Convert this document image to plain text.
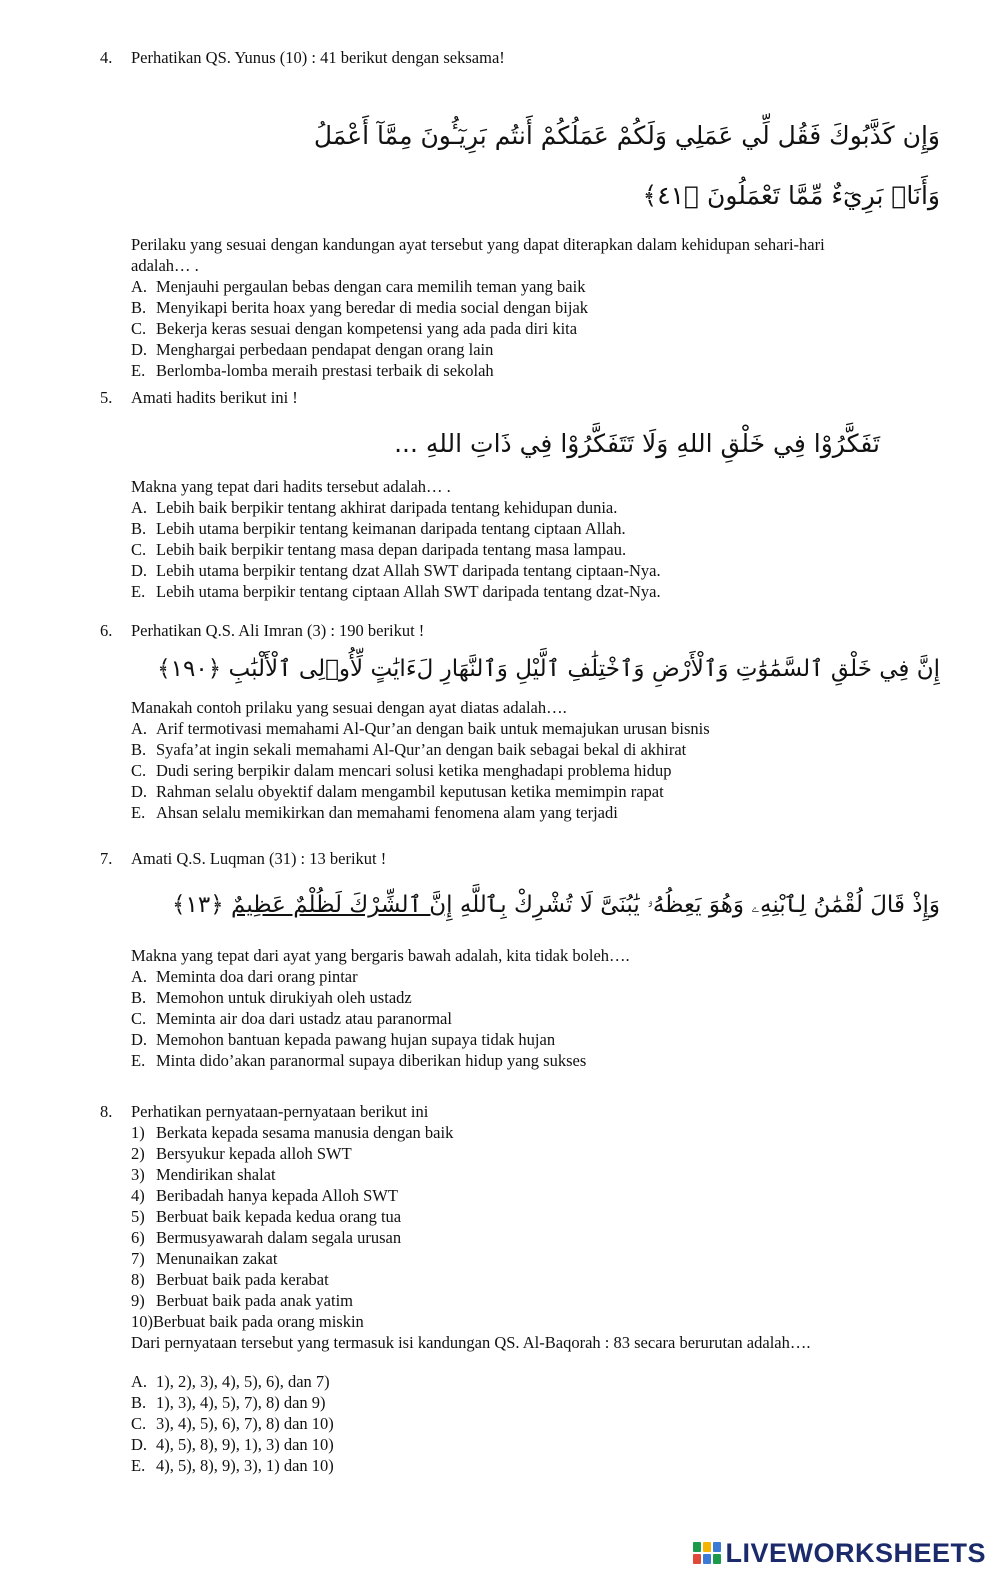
4.	Perhatikan QS. Yunus (10) : 41 berikut dengan seksama!
وَإِن كَذَّبُوكَ فَقُل لِّي عَمَلِي وَلَكُمْ عَمَلُكُمْ أَنتُم بَرِيٓـُٔونَ مِمَّآ أَعْمَلُ
وَأَنَا۠ بَرِيٓءٌ مِّمَّا تَعْمَلُونَ ﴿٤١﴾
Perilaku yang sesuai dengan kandungan ayat tersebut yang dapat diterapkan dalam kehidupan sehari-hari
adalah… .
A. Menjauhi pergaulan bebas dengan cara memilih teman yang baik
B. Menyikapi berita hoax yang beredar di media social dengan bijak
C. Bekerja keras sesuai dengan kompetensi yang ada pada diri kita
D. Menghargai perbedaan pendapat dengan orang lain
E. Berlomba-lomba meraih prestasi terbaik di sekolah
5.	Amati hadits berikut ini !
تَفَكَّرُوْا فِي خَلْقِ اللهِ وَلَا تَتَفَكَّرُوْا فِي ذَاتِ اللهِ ...
Makna yang tepat dari hadits tersebut adalah… .
A. Lebih baik berpikir tentang akhirat daripada tentang kehidupan dunia.
B. Lebih utama berpikir tentang keimanan daripada tentang ciptaan Allah.
C. Lebih baik berpikir tentang masa depan daripada tentang masa lampau.
D. Lebih utama berpikir tentang dzat Allah SWT daripada tentang ciptaan-Nya.
E. Lebih utama berpikir tentang ciptaan Allah SWT daripada tentang dzat-Nya.
6.	Perhatikan Q.S. Ali Imran (3) : 190 berikut !
إِنَّ فِي خَلْقِ ٱلسَّمَٰوَٰتِ وَٱلْأَرْضِ وَٱخْتِلَٰفِ ٱلَّيْلِ وَٱلنَّهَارِ لَءَايَٰتٍ لِّأُو۟لِى ٱلْأَلْبَٰبِ ﴿١٩٠﴾
Manakah contoh prilaku yang sesuai dengan ayat diatas adalah….
A. Arif termotivasi memahami Al-Qur’an dengan baik untuk memajukan urusan bisnis
B. Syafa’at ingin sekali memahami Al-Qur’an dengan baik sebagai bekal di akhirat
C. Dudi sering berpikir dalam mencari solusi ketika menghadapi problema hidup
D. Rahman selalu obyektif dalam mengambil keputusan ketika memimpin rapat
E. Ahsan selalu memikirkan dan memahami fenomena alam yang terjadi
7.	Amati Q.S. Luqman (31) : 13 berikut !
وَإِذْ قَالَ لُقْمَٰنُ لِٱبْنِهِۦ وَهُوَ يَعِظُهُۥ يَٰبُنَىَّ لَا تُشْرِكْ بِٱللَّهِ إِنَّ ٱلشِّرْكَ لَظُلْمٌ عَظِيمٌ ﴿١٣﴾
Makna yang tepat dari ayat yang bergaris bawah adalah, kita tidak boleh….
A. Meminta doa dari orang pintar
B. Memohon untuk dirukiyah oleh ustadz
C. Meminta air doa dari ustadz atau paranormal
D. Memohon bantuan kepada pawang hujan supaya tidak hujan
E. Minta dido’akan paranormal supaya diberikan hidup yang sukses
8.	Perhatikan pernyataan-pernyataan berikut ini
1) Berkata kepada sesama manusia dengan baik
2) Bersyukur kepada alloh SWT
3) Mendirikan shalat
4) Beribadah hanya kepada Alloh SWT
5) Berbuat baik kepada kedua orang tua
6) Bermusyawarah dalam segala urusan
7) Menunaikan zakat
8) Berbuat baik pada kerabat
9) Berbuat baik pada anak yatim
10) Berbuat baik pada orang miskin
Dari pernyataan tersebut yang termasuk isi kandungan QS. Al-Baqorah : 83 secara berurutan adalah….
A. 1), 2), 3), 4), 5), 6), dan 7)
B. 1), 3), 4), 5), 7), 8) dan 9)
C. 3), 4), 5), 6), 7), 8) dan 10)
D. 4), 5), 8), 9), 1), 3) dan 10)
E. 4), 5), 8), 9), 3), 1) dan 10)
LIVEWORKSHEETS
